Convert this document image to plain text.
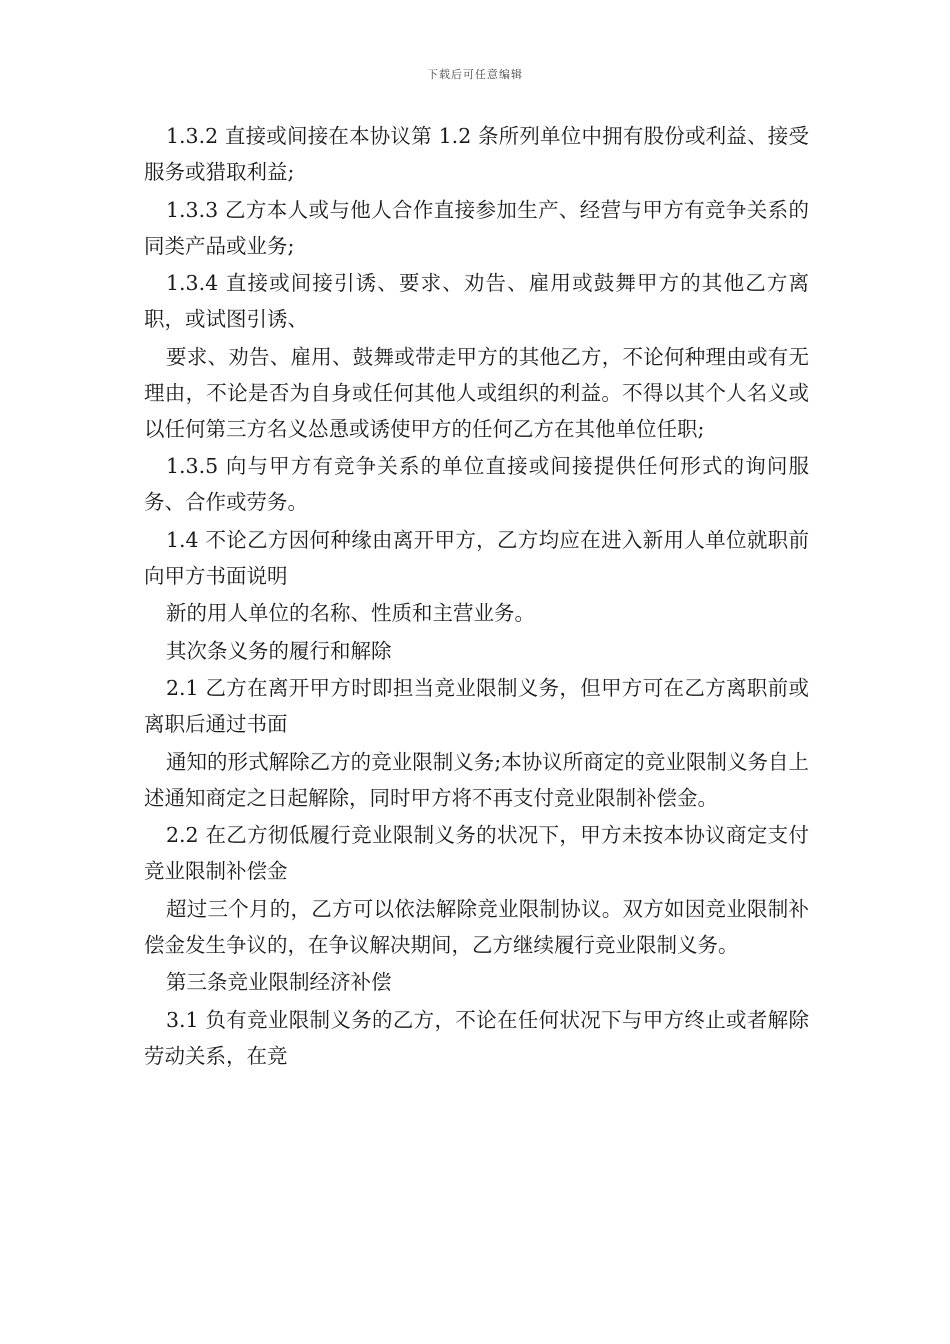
下载后可任意编辑

1.3.2 直接或间接在本协议第 1.2 条所列单位中拥有股份或利益、接受服务或猎取利益;

1.3.3 乙方本人或与他人合作直接参加生产、经营与甲方有竞争关系的同类产品或业务;

1.3.4 直接或间接引诱、要求、劝告、雇用或鼓舞甲方的其他乙方离职，或试图引诱、

要求、劝告、雇用、鼓舞或带走甲方的其他乙方，不论何种理由或有无理由，不论是否为自身或任何其他人或组织的利益。不得以其个人名义或以任何第三方名义怂恿或诱使甲方的任何乙方在其他单位任职;

1.3.5 向与甲方有竞争关系的单位直接或间接提供任何形式的询问服务、合作或劳务。

1.4 不论乙方因何种缘由离开甲方，乙方均应在进入新用人单位就职前向甲方书面说明

新的用人单位的名称、性质和主营业务。

其次条义务的履行和解除

2.1 乙方在离开甲方时即担当竞业限制义务，但甲方可在乙方离职前或离职后通过书面

通知的形式解除乙方的竞业限制义务;本协议所商定的竞业限制义务自上述通知商定之日起解除，同时甲方将不再支付竞业限制补偿金。

2.2 在乙方彻低履行竞业限制义务的状况下，甲方未按本协议商定支付竞业限制补偿金

超过三个月的，乙方可以依法解除竞业限制协议。双方如因竞业限制补偿金发生争议的，在争议解决期间，乙方继续履行竞业限制义务。

第三条竞业限制经济补偿

3.1 负有竞业限制义务的乙方，不论在任何状况下与甲方终止或者解除劳动关系，在竞
